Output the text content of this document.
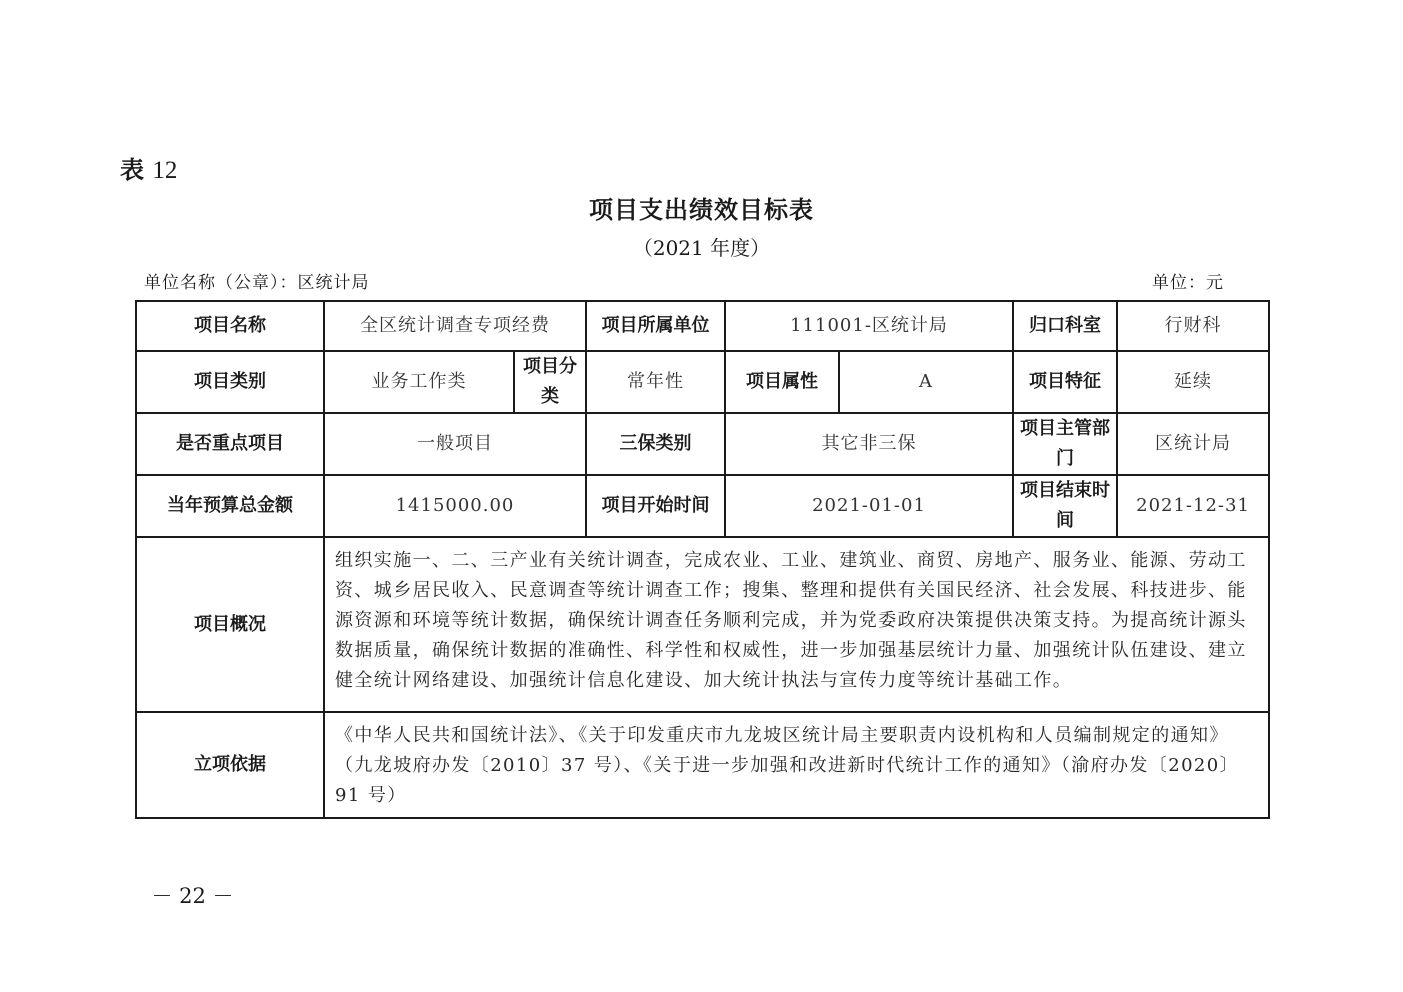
表 12
项目支出绩效目标表
（2021 年度）
单位名称（公章）：区统计局	单位：元
项目名称	全区统计调查专项经费		项目所属单位	111001-区统计局		归口科室	行财科
项目类别	业务工作类	项目分类	常年性	项目属性	A	项目特征	延续
是否重点项目	一般项目		三保类别	其它非三保		项目主管部门	区统计局
当年预算总金额	1415000.00		项目开始时间	2021-01-01		项目结束时间	2021-12-31
项目概况	组织实施一、二、三产业有关统计调查，完成农业、工业、建筑业、商贸、房地产、服务业、能源、劳动工资、城乡居民收入、民意调查等统计调查工作；搜集、整理和提供有关国民经济、社会发展、科技进步、能源资源和环境等统计数据，确保统计调查任务顺利完成，并为党委政府决策提供决策支持。为提高统计源头数据质量，确保统计数据的准确性、科学性和权威性，进一步加强基层统计力量、加强统计队伍建设、建立健全统计网络建设、加强统计信息化建设、加大统计执法与宣传力度等统计基础工作。						
立项依据	《中华人民共和国统计法》、《关于印发重庆市九龙坡区统计局主要职责内设机构和人员编制规定的通知》（九龙坡府办发〔2010〕37 号）、《关于进一步加强和改进新时代统计工作的通知》（渝府办发〔2020〕91 号）						
－ 22 －
